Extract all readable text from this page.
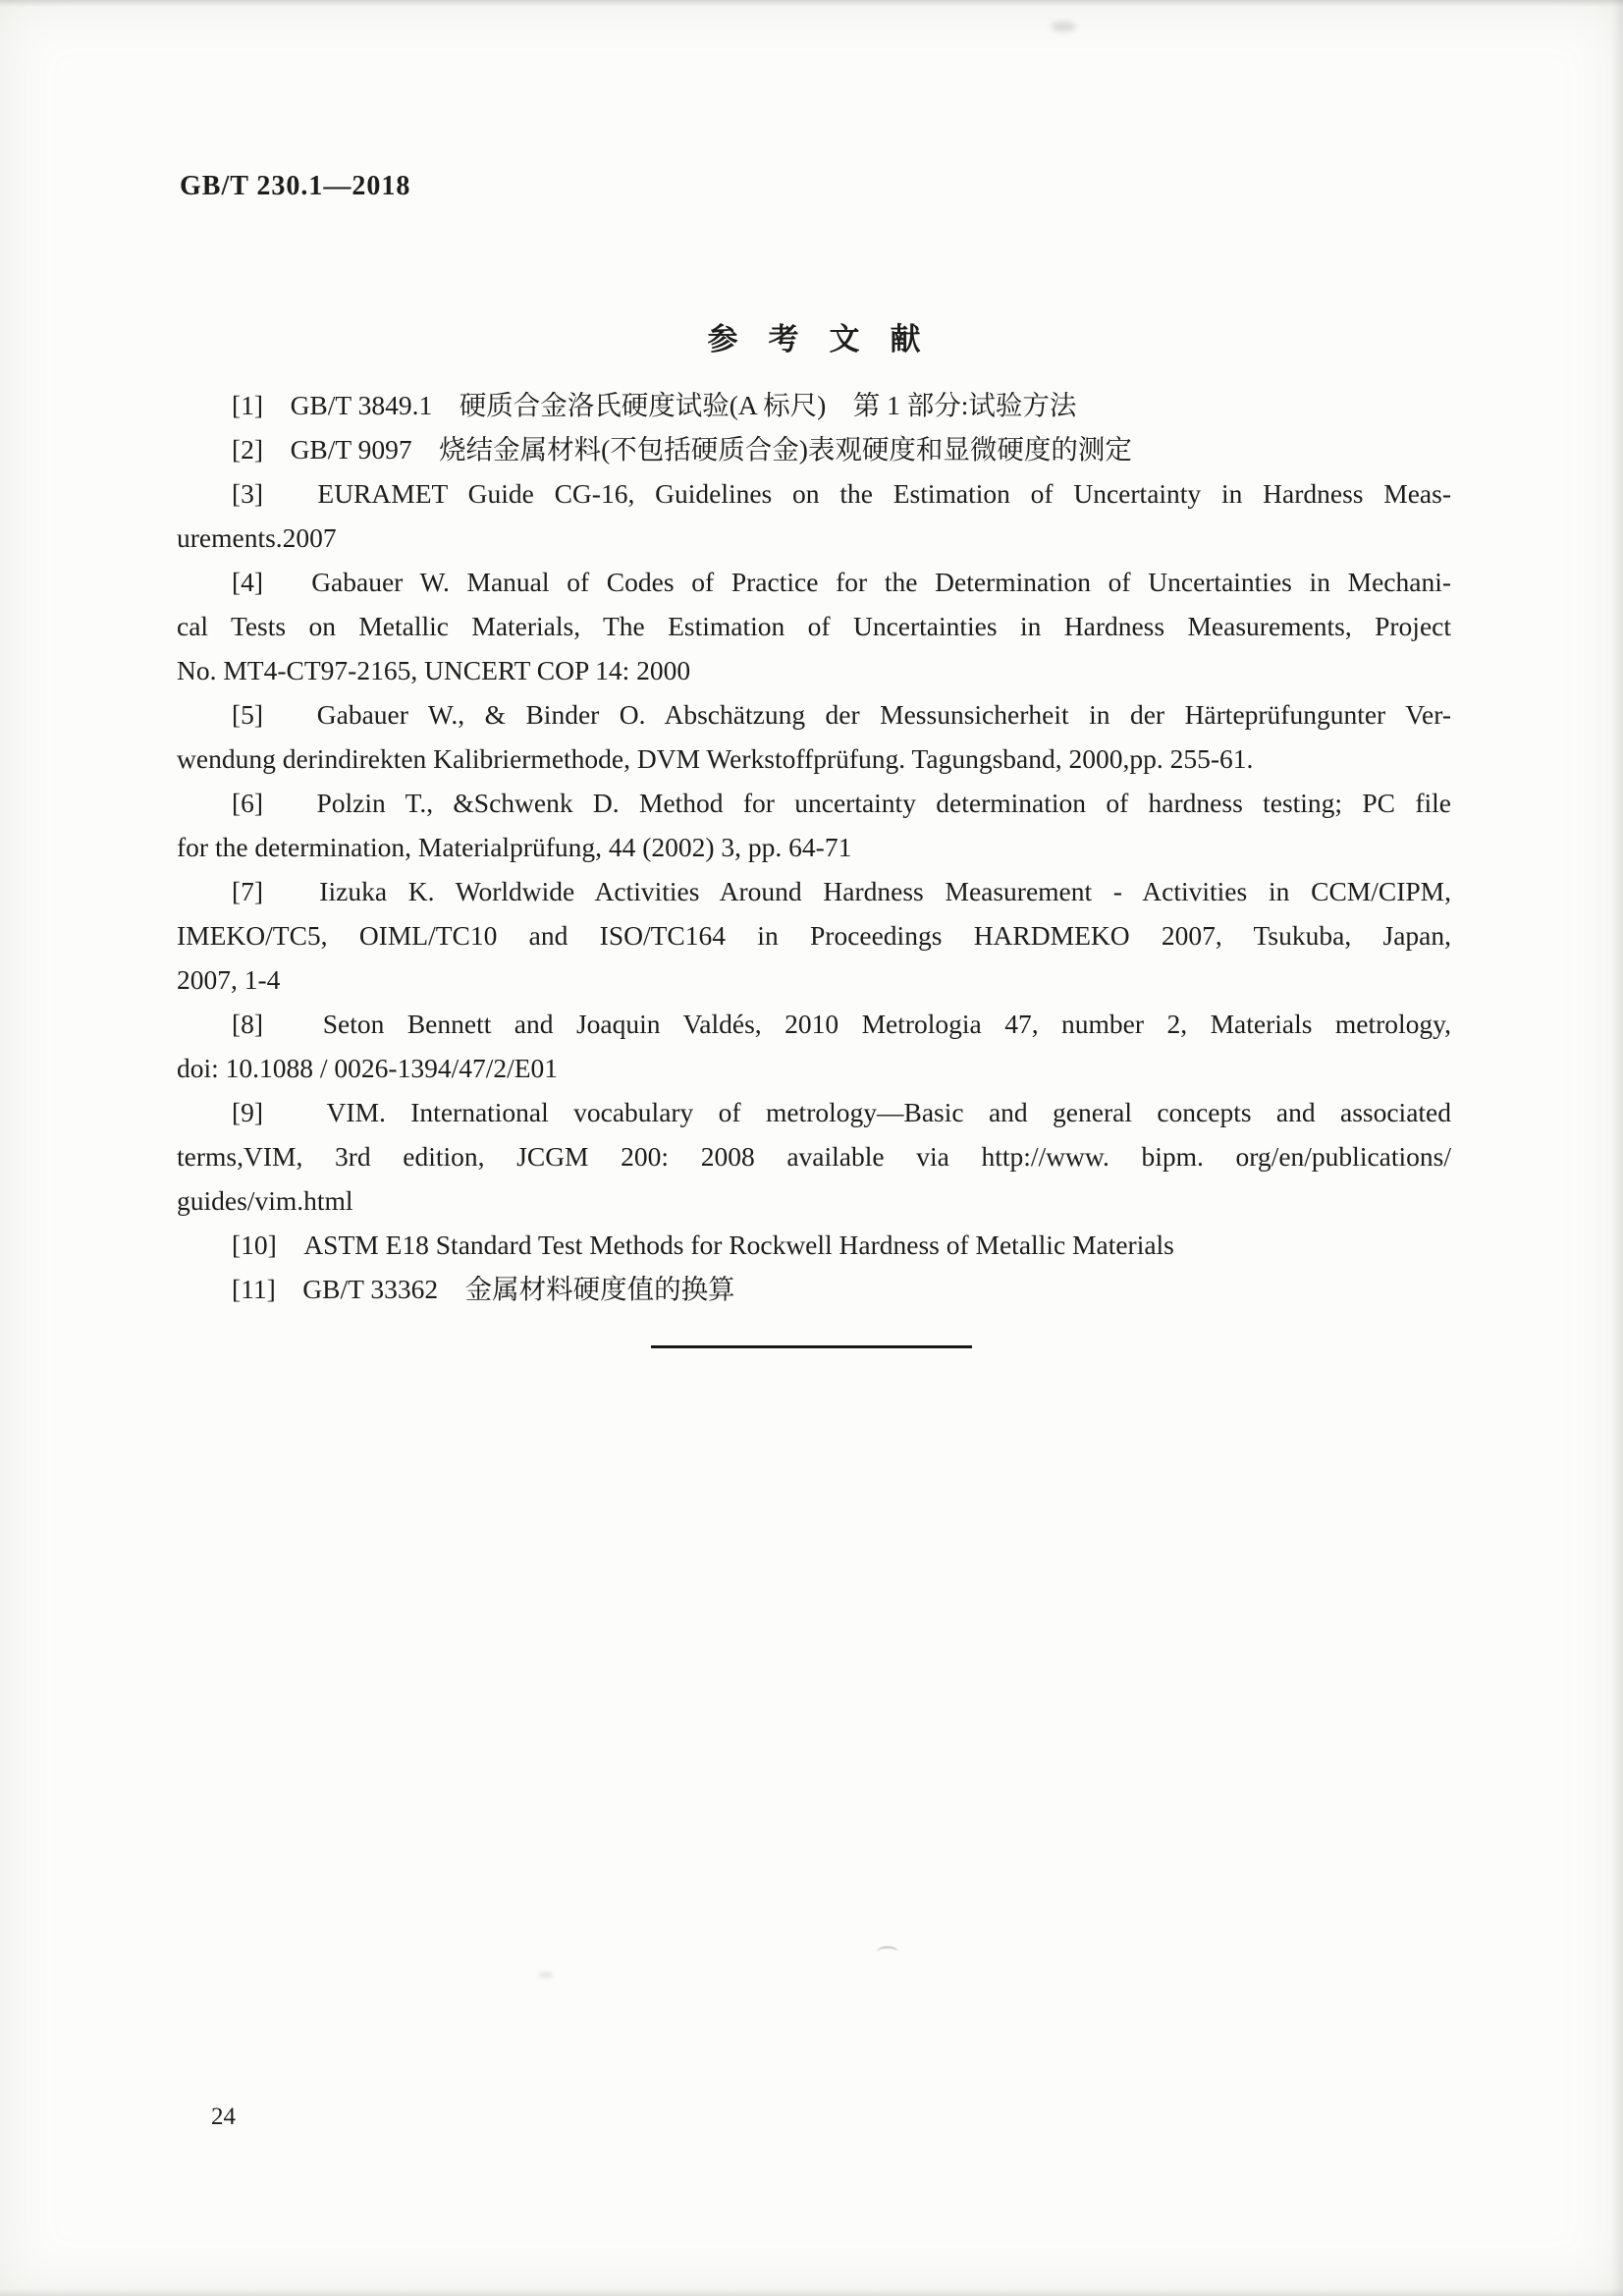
GB/T 230.1—2018
参　考　文　献
[1]　GB/T 3849.1　硬质合金洛氏硬度试验(A 标尺)　第 1 部分:试验方法
[2]　GB/T 9097　烧结金属材料(不包括硬质合金)表观硬度和显微硬度的测定
[3]　EURAMET Guide CG-16, Guidelines on the Estimation of Uncertainty in Hardness Meas-
urements.2007
[4]　Gabauer W. Manual of Codes of Practice for the Determination of Uncertainties in Mechani-
cal Tests on Metallic Materials, The Estimation of Uncertainties in Hardness Measurements, Project
No. MT4-CT97-2165, UNCERT COP 14: 2000
[5]　Gabauer W., & Binder O. Abschätzung der Messunsicherheit in der Härteprüfungunter Ver-
wendung derindirekten Kalibriermethode, DVM Werkstoffprüfung. Tagungsband, 2000,pp. 255-61.
[6]　Polzin T., &Schwenk D. Method for uncertainty determination of hardness testing; PC file
for the determination, Materialprüfung, 44 (2002) 3, pp. 64-71
[7]　Iizuka K. Worldwide Activities Around Hardness Measurement - Activities in CCM/CIPM,
IMEKO/TC5, OIML/TC10 and ISO/TC164 in Proceedings HARDMEKO 2007, Tsukuba, Japan,
2007, 1-4
[8]　Seton Bennett and Joaquin Valdés, 2010 Metrologia 47, number 2, Materials metrology,
doi: 10.1088 / 0026-1394/47/2/E01
[9]　VIM. International vocabulary of metrology—Basic and general concepts and associated
terms,VIM, 3rd edition, JCGM 200: 2008 available via http://www. bipm. org/en/publications/
guides/vim.html
[10]　ASTM E18 Standard Test Methods for Rockwell Hardness of Metallic Materials
[11]　GB/T 33362　金属材料硬度值的换算
24
